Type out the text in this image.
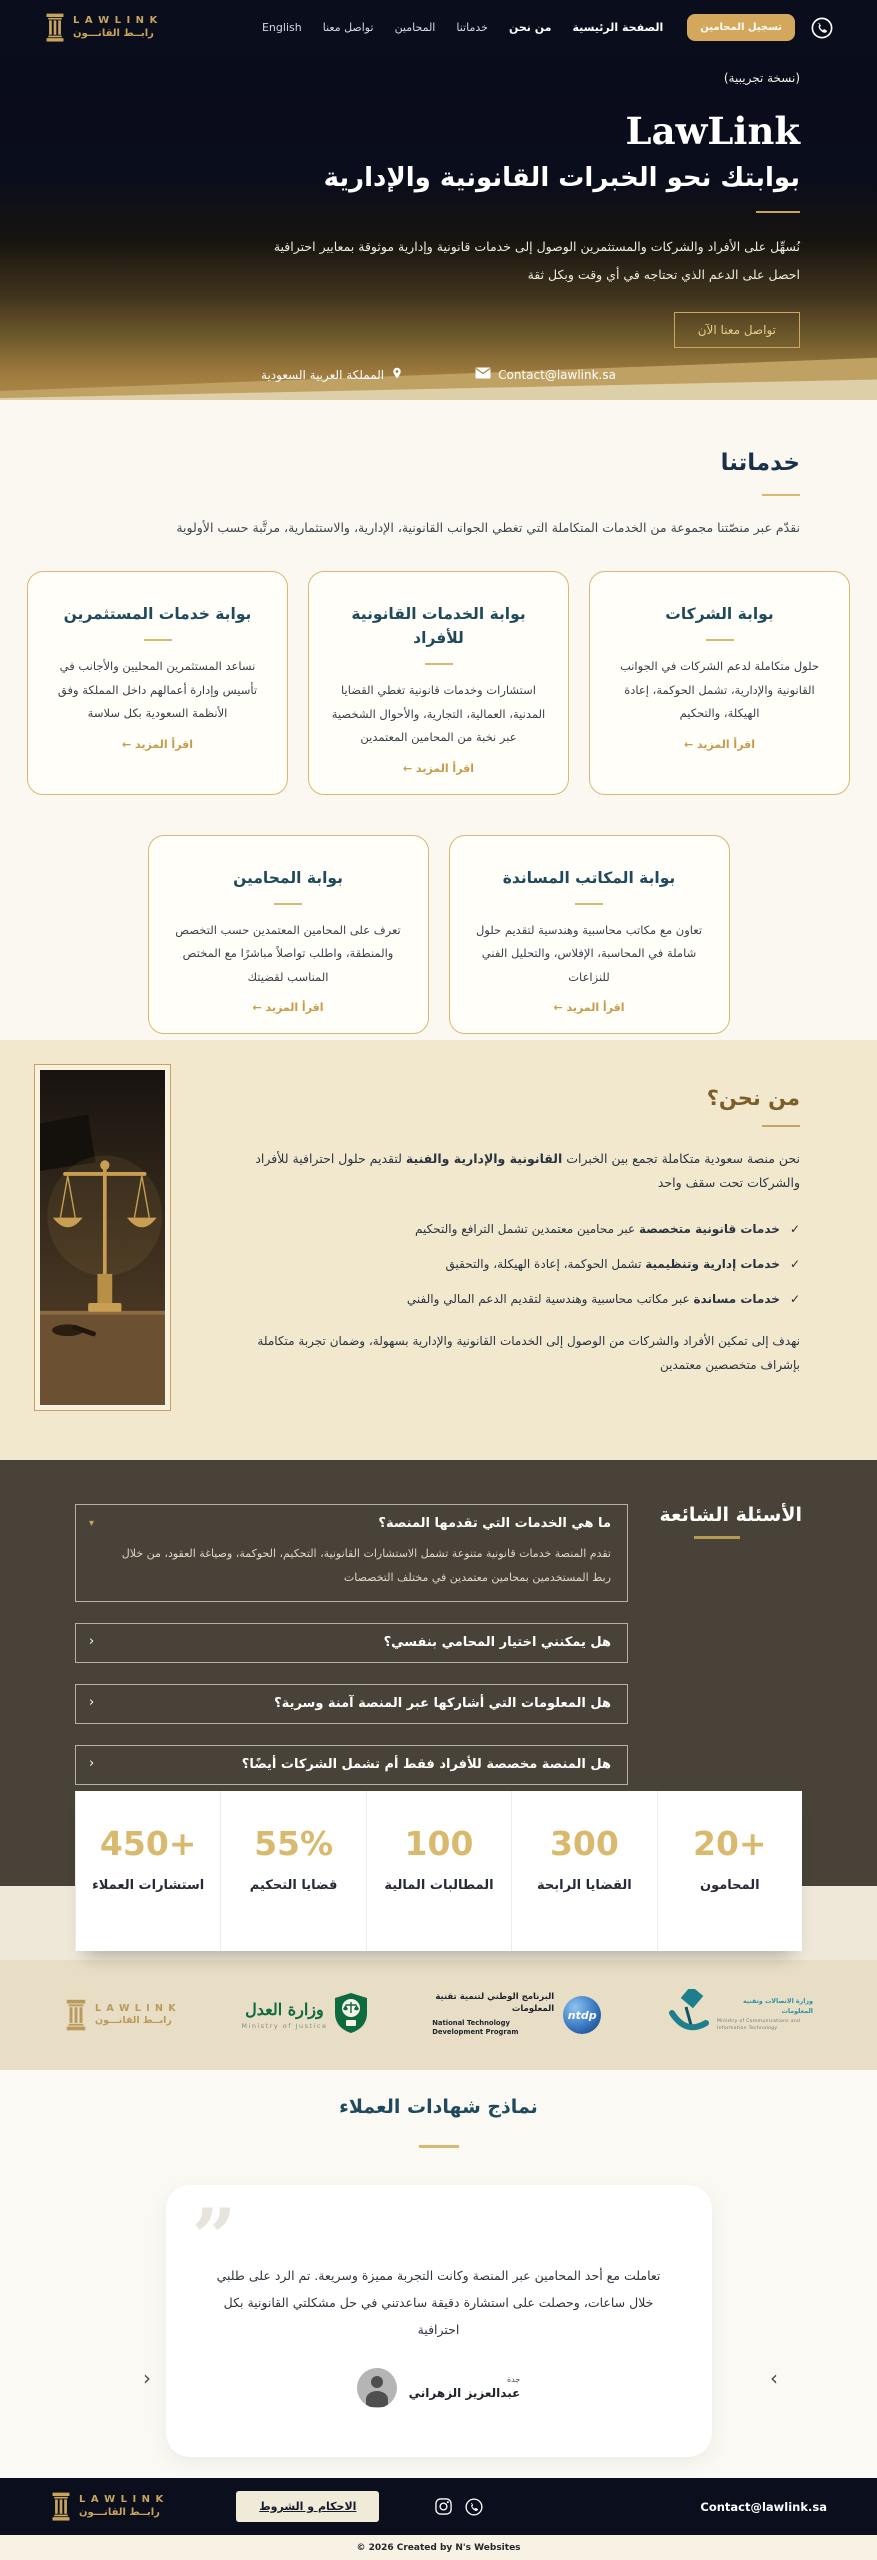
L A W L I N K
رابــط القانـــون	الصفحة الرئيسية
من نحن
خدماتنا
المحامين
تواصل معنا
English	تسجيل المحامين
(نسخة تجريبية)
LawLink
بوابتك نحو الخبرات القانونية والإدارية

نُسهِّل على الأفراد والشركات والمستثمرين الوصول إلى خدمات قانونية وإدارية موثوقة بمعايير احترافية
احصل على الدعم الذي تحتاجه في أي وقت وبكل ثقة

تواصل معنا الآن
Contact@lawlink.sa
المملكة العربية السعودية
خدماتنا

نقدّم عبر منصّتنا مجموعة من الخدمات المتكاملة التي تغطي الجوانب القانونية، الإدارية، والاستثمارية، مرتَّبة حسب الأولوية

بوابة الشركات

حلول متكاملة لدعم الشركات في الجوانب القانونية والإدارية، تشمل الحوكمة، إعادة الهيكلة، والتحكيم

اقرأ المزيد ←
بوابة الخدمات القانونية للأفراد

استشارات وخدمات قانونية تغطي القضايا المدنية، العمالية، التجارية، والأحوال الشخصية عبر نخبة من المحامين المعتمدين

اقرأ المزيد ←
بوابة خدمات المستثمرين

نساعد المستثمرين المحليين والأجانب في تأسيس وإدارة أعمالهم داخل المملكة وفق الأنظمة السعودية بكل سلاسة

اقرأ المزيد ←
بوابة المكاتب المساندة

تعاون مع مكاتب محاسبية وهندسية لتقديم حلول شاملة في المحاسبة، الإفلاس، والتحليل الفني للنزاعات

اقرأ المزيد ←
بوابة المحامين

تعرف على المحامين المعتمدين حسب التخصص والمنطقة، واطلب تواصلاً مباشرًا مع المختص المناسب لقضيتك

اقرأ المزيد ←
من نحن؟

نحن منصة سعودية متكاملة تجمع بين الخبرات القانونية والإدارية والفنية لتقديم حلول احترافية للأفراد والشركات تحت سقف واحد

✓
خدمات قانونية متخصصة عبر محامين معتمدين تشمل الترافع والتحكيم
✓
خدمات إدارية وتنظيمية تشمل الحوكمة، إعادة الهيكلة، والتحقيق
✓
خدمات مساندة عبر مكاتب محاسبية وهندسية لتقديم الدعم المالي والفني

نهدف إلى تمكين الأفراد والشركات من الوصول إلى الخدمات القانونية والإدارية بسهولة، وضمان تجربة متكاملة بإشراف متخصصين معتمدين

الأسئلة الشائعة
ما هي الخدمات التي تقدمها المنصة؟
▾
تقدم المنصة خدمات قانونية متنوعة تشمل الاستشارات القانونية، التحكيم، الحوكمة، وصياغة العقود، من خلال ربط المستخدمين بمحامين معتمدين في مختلف التخصصات
هل يمكنني اختيار المحامي بنفسي؟
‹
هل المعلومات التي أشاركها عبر المنصة آمنة وسرية؟
‹
هل المنصة مخصصة للأفراد فقط أم تشمل الشركات أيضًا؟
‹
20+
المحامون
300
القضايا الرابحة
100
المطالبات المالية
55%
قضايا التحكيم
450+
استشارات العملاء
L A W L I N K
رابــط القانـــون
وزارة العدل
Ministry of Justice
البرنامج الوطني لتنمية تقنية المعلومات
National Technology Development Program
ntdp
وزارة الاتصالات وتقنية المعلومات
Ministry of Communications and Information Technology
نماذج شهادات العملاء
”

تعاملت مع أحد المحامين عبر المنصة وكانت التجربة مميزة وسريعة. تم الرد على طلبي خلال ساعات، وحصلت على استشارة دقيقة ساعدتني في حل مشكلتي القانونية بكل احترافية

جدة
عبدالعزيز الزهراني
‹	›
L A W L I N K
رابــط القانـــون	الاحكام و الشروط	Contact@lawlink.sa
© 2026 Created by N's Websites
